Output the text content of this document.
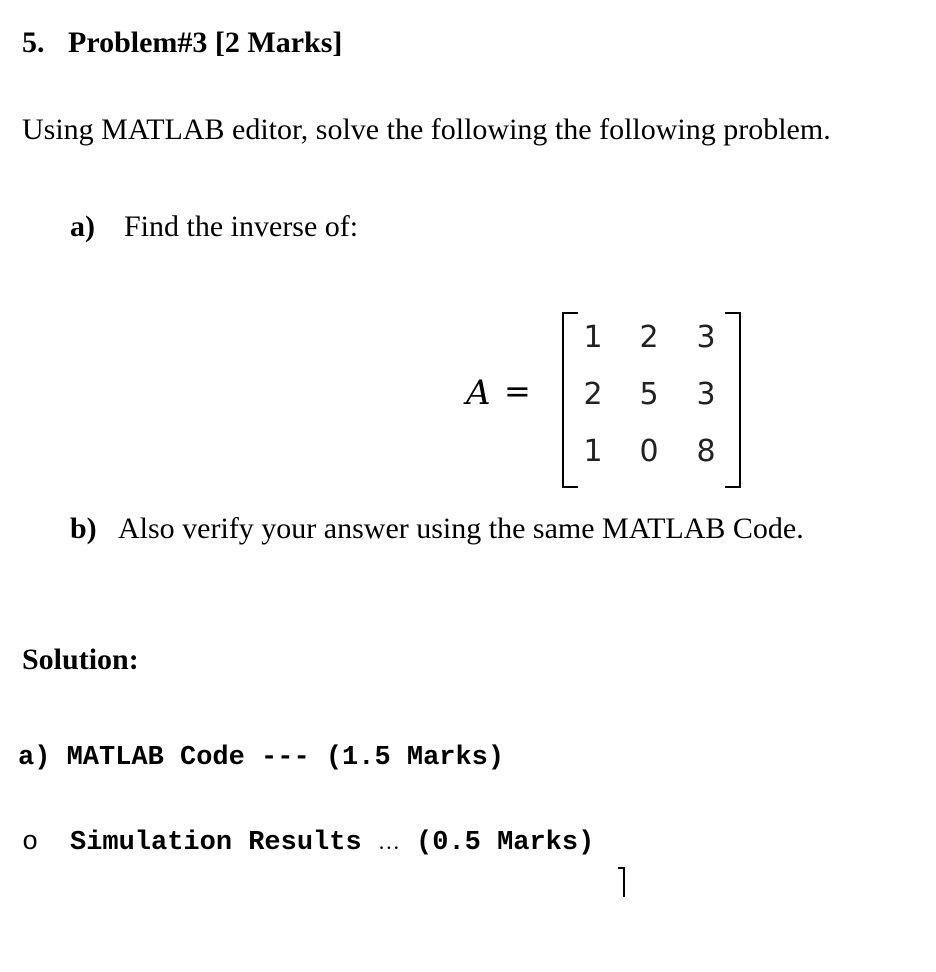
5. Problem#3 [2 Marks]
Using MATLAB editor, solve the following the following problem.
a) Find the inverse of:
A =
1 2 3
2 5 3
1 0 8
b) Also verify your answer using the same MATLAB Code.
Solution:
a) MATLAB Code --- (1.5 Marks)
o Simulation Results … (0.5 Marks)
